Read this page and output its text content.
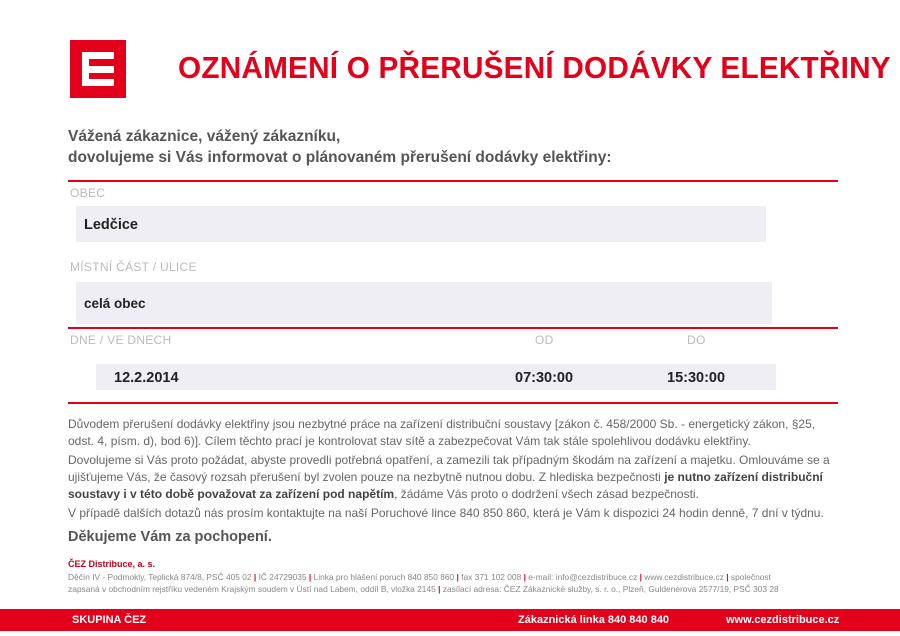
OZNÁMENÍ O PŘERUŠENÍ DODÁVKY ELEKTŘINY
Vážená zákaznice, vážený zákazníku,
dovolujeme si Vás informovat o plánovaném přerušení dodávky elektřiny:
OBEC
Ledčice
MÍSTNÍ ČÁST / ULICE
celá obec
DNE / VE DNECH	OD	DO
12.2.2014	07:30:00	15:30:00
Důvodem přerušení dodávky elektřiny jsou nezbytné práce na zařízení distribuční soustavy [zákon č. 458/2000 Sb. - energetický zákon, §25, odst. 4, písm. d), bod 6)]. Cílem těchto prací je kontrolovat stav sítě a zabezpečovat Vám tak stále spolehlivou dodávku elektřiny.
Dovolujeme si Vás proto požádat, abyste provedli potřebná opatření, a zamezili tak případným škodám na zařízení a majetku. Omlouváme se a ujišťujeme Vás, že časový rozsah přerušení byl zvolen pouze na nezbytně nutnou dobu. Z hlediska bezpečnosti je nutno zařízení distribuční soustavy i v této době považovat za zařízení pod napětím, žádáme Vás proto o dodržení všech zásad bezpečnosti.
V případě dalších dotazů nás prosím kontaktujte na naší Poruchové lince 840 850 860, která je Vám k dispozici 24 hodin denně, 7 dní v týdnu.
Děkujeme Vám za pochopení.
ČEZ Distribuce, a. s.
Děčín IV - Podmokly, Teplická 874/8, PSČ 405 02 | IČ 24729035 | Linka pro hlášení poruch 840 850 860 | fax 371 102 008 | e-mail: info@cezdistribuce.cz | www.cezdistribuce.cz | společnost
zapsaná v obchodním rejstříku vedeném Krajským soudem v Ústí nad Labem, oddíl B, vložka 2145 | zasílací adresa: ČEZ Zákaznické služby, s. r. o., Plzeň, Guldenerova 2577/19, PSČ 303 28
SKUPINA ČEZ	Zákaznická linka 840 840 840	www.cezdistribuce.cz
